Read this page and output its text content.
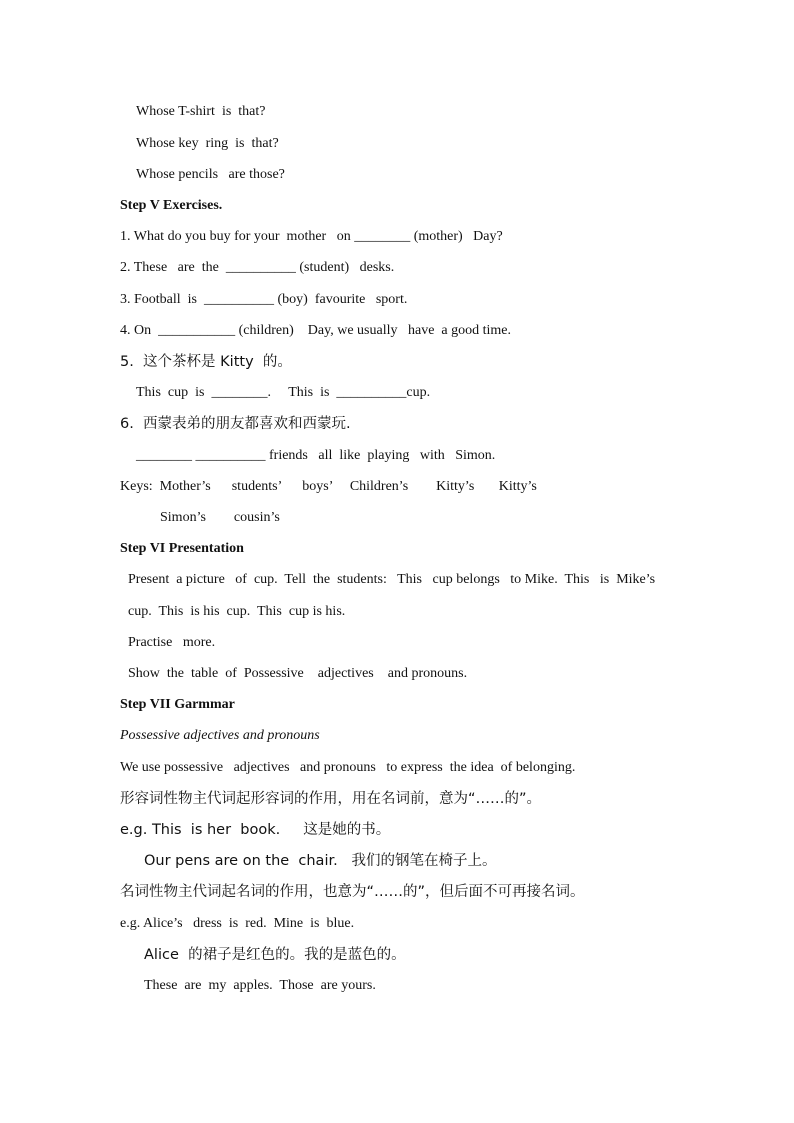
Whose T-shirt  is  that?
Whose key  ring  is  that?
Whose pencils   are those?
Step V Exercises.
1. What do you buy for your  mother   on ________ (mother)   Day?
2. These   are  the  __________ (student)   desks.
3. Football  is  __________ (boy)  favourite   sport.
4. On  ___________ (children)    Day, we usually   have  a good time.
5.  这个茶杯是 Kitty  的。
This  cup  is  ________.     This  is  __________cup.
6.  西蒙表弟的朋友都喜欢和西蒙玩.
________ __________ friends   all  like  playing   with   Simon.
Keys:  Mother’s      students’      boys’     Children’s        Kitty’s       Kitty’s
Simon’s        cousin’s
Step VI Presentation
Present  a picture   of  cup.  Tell  the  students:   This   cup belongs   to Mike.  This   is  Mike’s
cup.  This  is his  cup.  This  cup is his.
Practise   more.
Show  the  table  of  Possessive    adjectives    and pronouns.
Step VII Garmmar
Possessive adjectives and pronouns
We use possessive   adjectives   and pronouns   to express  the idea  of belonging.
形容词性物主代词起形容词的作用，用在名词前，意为“……的”。
e.g. This  is her  book.     这是她的书。
Our pens are on the  chair.   我们的钢笔在椅子上。
名词性物主代词起名词的作用，也意为“……的”，但后面不可再接名词。
e.g. Alice’s   dress  is  red.  Mine  is  blue.
Alice  的裙子是红色的。我的是蓝色的。
These  are  my  apples.  Those  are yours.
